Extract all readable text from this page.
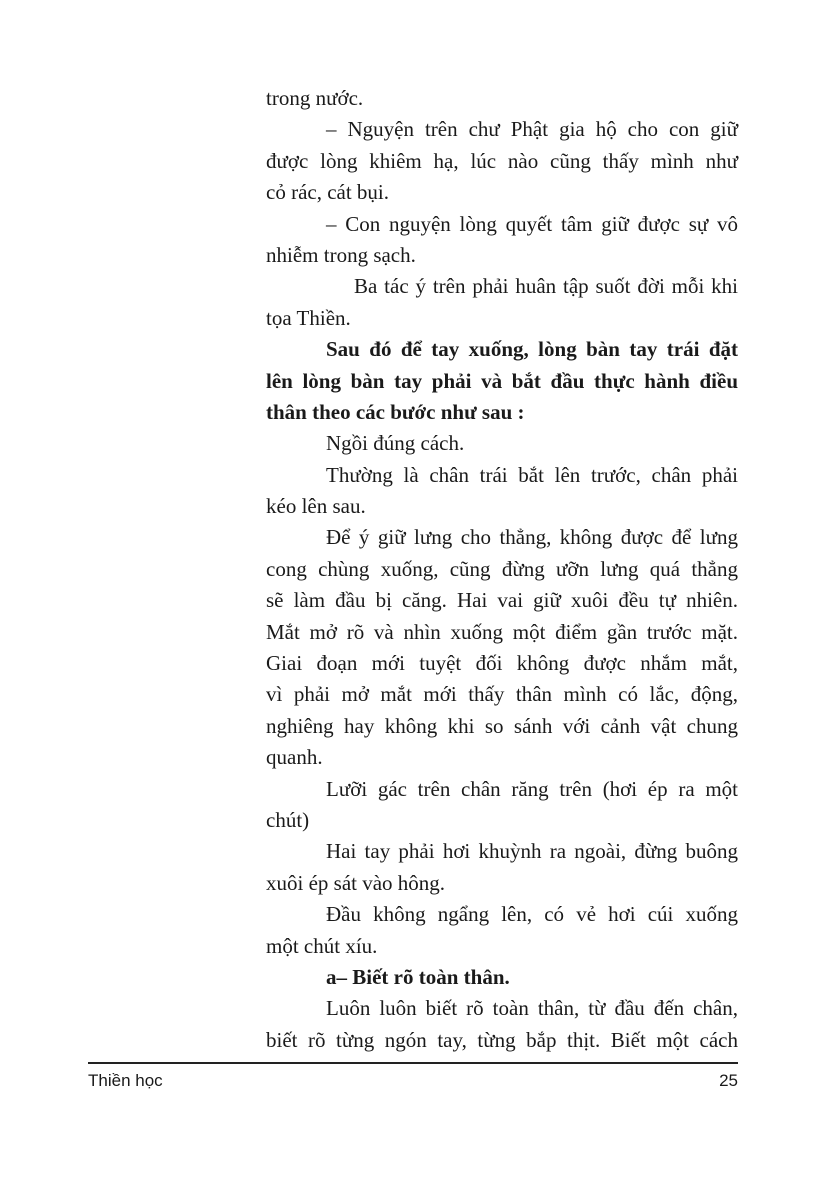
trong nước.
– Nguyện trên chư Phật gia hộ cho con giữ
được lòng khiêm hạ, lúc nào cũng thấy mình như
cỏ rác, cát bụi.
– Con nguyện lòng quyết tâm giữ được sự vô
nhiễm trong sạch.
Ba tác ý trên phải huân tập suốt đời mỗi khi
tọa Thiền.
Sau đó để tay xuống, lòng bàn tay trái đặt
lên lòng bàn tay phải và bắt đầu thực hành điều
thân theo các bước như sau :
Ngồi đúng cách.
Thường là chân trái bắt lên trước, chân phải
kéo lên sau.
Để ý giữ lưng cho thẳng, không được để lưng
cong chùng xuống, cũng đừng ưỡn lưng quá thẳng
sẽ làm đầu bị căng. Hai vai giữ xuôi đều tự nhiên.
Mắt mở rõ và nhìn xuống một điểm gần trước mặt.
Giai đoạn mới tuyệt đối không được nhắm mắt,
vì phải mở mắt mới thấy thân mình có lắc, động,
nghiêng hay không khi so sánh với cảnh vật chung
quanh.
Lưỡi gác trên chân răng trên (hơi ép ra một
chút)
Hai tay phải hơi khuỳnh ra ngoài, đừng buông
xuôi ép sát vào hông.
Đầu không ngẩng lên, có vẻ hơi cúi xuống
một chút xíu.
a– Biết rõ toàn thân.
Luôn luôn biết rõ toàn thân, từ đầu đến chân,
biết rõ từng ngón tay, từng bắp thịt. Biết một cách
Thiền học	25
